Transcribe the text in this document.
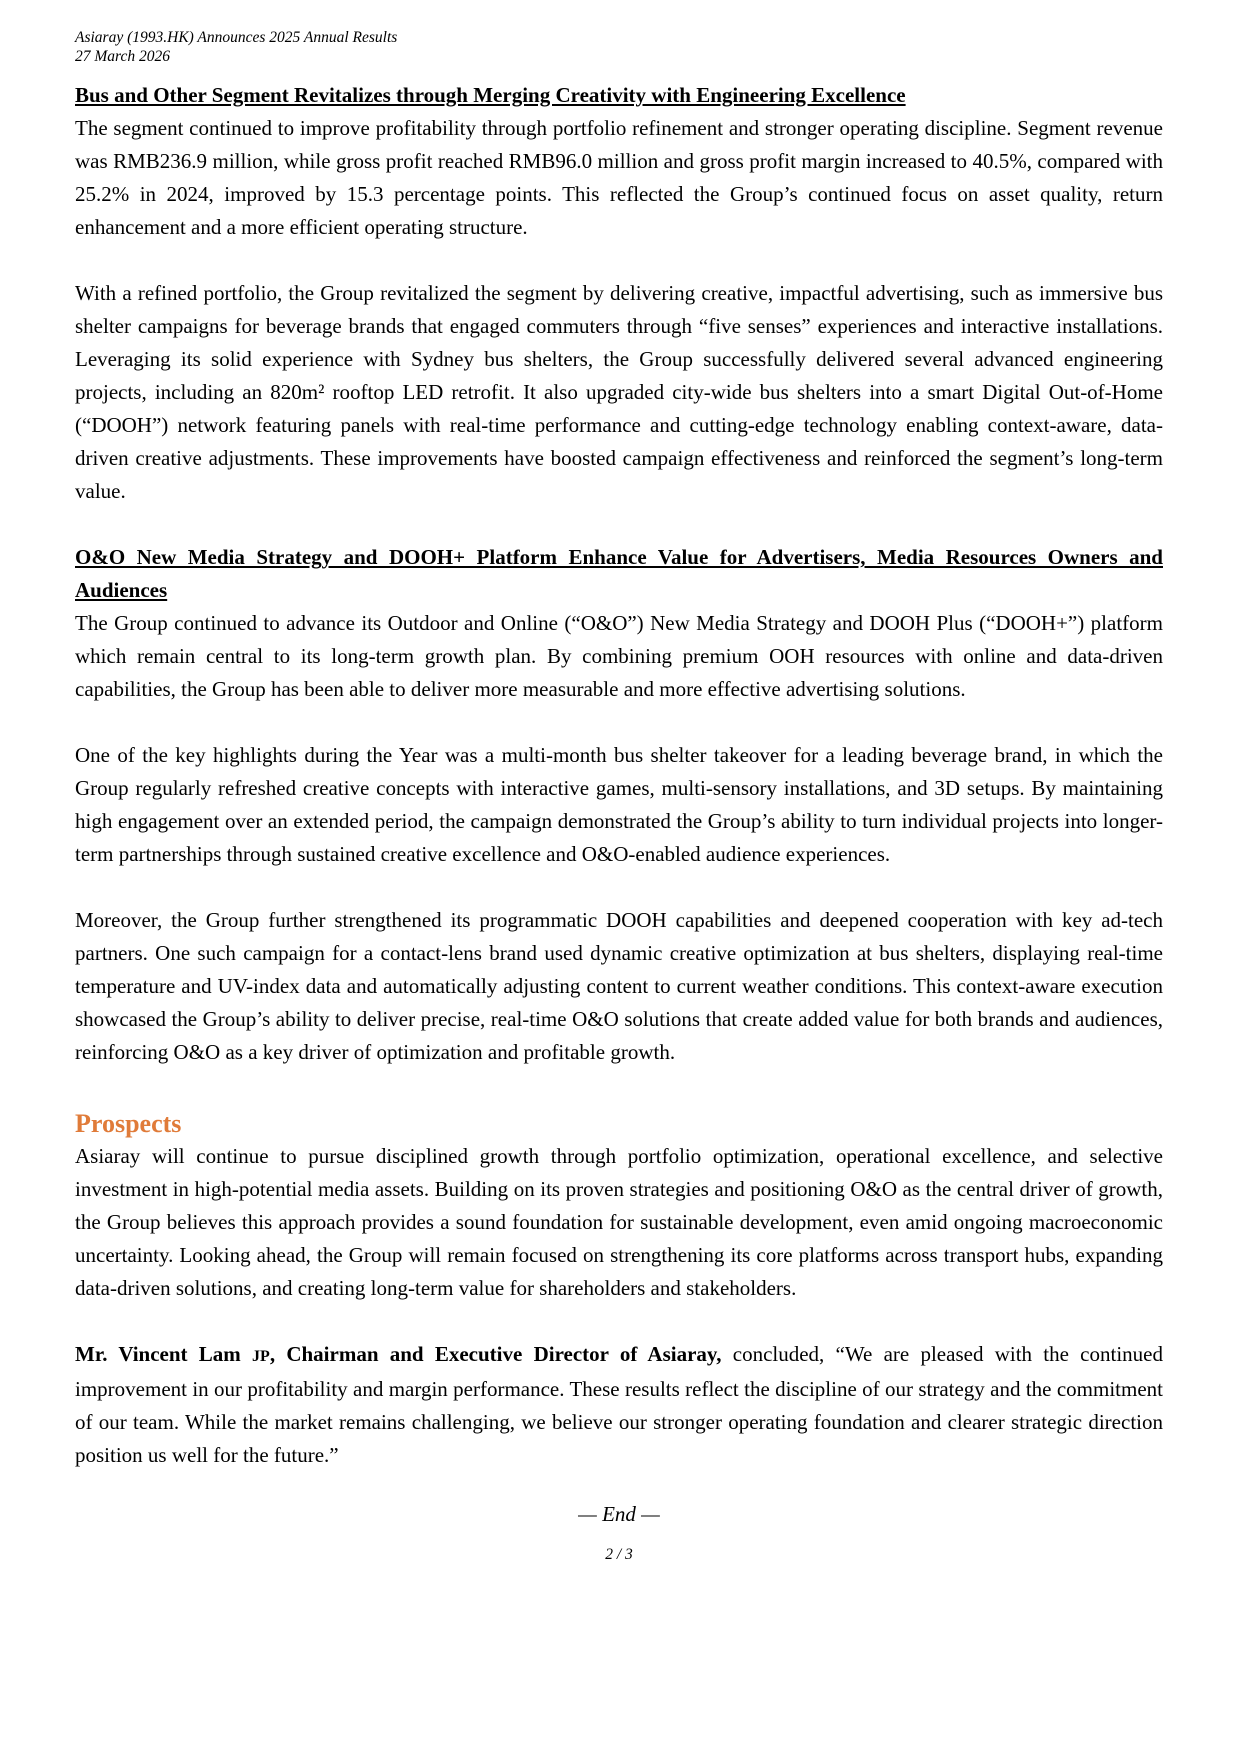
Asiaray (1993.HK) Announces 2025 Annual Results
27 March 2026
Bus and Other Segment Revitalizes through Merging Creativity with Engineering Excellence

The segment continued to improve profitability through portfolio refinement and stronger operating discipline. Segment revenue was RMB236.9 million, while gross profit reached RMB96.0 million and gross profit margin increased to 40.5%, compared with 25.2% in 2024, improved by 15.3 percentage points. This reflected the Group’s continued focus on asset quality, return enhancement and a more efficient operating structure.

With a refined portfolio, the Group revitalized the segment by delivering creative, impactful advertising, such as immersive bus shelter campaigns for beverage brands that engaged commuters through “five senses” experiences and interactive installations. Leveraging its solid experience with Sydney bus shelters, the Group successfully delivered several advanced engineering projects, including an 820m² rooftop LED retrofit. It also upgraded city-wide bus shelters into a smart Digital Out-of-Home (“DOOH”) network featuring panels with real-time performance and cutting-edge technology enabling context-aware, data-driven creative adjustments. These improvements have boosted campaign effectiveness and reinforced the segment’s long-term value.

O&O New Media Strategy and DOOH+ Platform Enhance Value for Advertisers, Media Resources Owners and Audiences

The Group continued to advance its Outdoor and Online (“O&O”) New Media Strategy and DOOH Plus (“DOOH+”) platform which remain central to its long-term growth plan. By combining premium OOH resources with online and data-driven capabilities, the Group has been able to deliver more measurable and more effective advertising solutions.

One of the key highlights during the Year was a multi-month bus shelter takeover for a leading beverage brand, in which the Group regularly refreshed creative concepts with interactive games, multi-sensory installations, and 3D setups. By maintaining high engagement over an extended period, the campaign demonstrated the Group’s ability to turn individual projects into longer-term partnerships through sustained creative excellence and O&O-enabled audience experiences.

Moreover, the Group further strengthened its programmatic DOOH capabilities and deepened cooperation with key ad-tech partners. One such campaign for a contact-lens brand used dynamic creative optimization at bus shelters, displaying real-time temperature and UV-index data and automatically adjusting content to current weather conditions. This context-aware execution showcased the Group’s ability to deliver precise, real-time O&O solutions that create added value for both brands and audiences, reinforcing O&O as a key driver of optimization and profitable growth.

Prospects

Asiaray will continue to pursue disciplined growth through portfolio optimization, operational excellence, and selective investment in high-potential media assets. Building on its proven strategies and positioning O&O as the central driver of growth, the Group believes this approach provides a sound foundation for sustainable development, even amid ongoing macroeconomic uncertainty. Looking ahead, the Group will remain focused on strengthening its core platforms across transport hubs, expanding data-driven solutions, and creating long-term value for shareholders and stakeholders.

Mr. Vincent Lam JP, Chairman and Executive Director of Asiaray, concluded, “We are pleased with the continued improvement in our profitability and margin performance. These results reflect the discipline of our strategy and the commitment of our team. While the market remains challenging, we believe our stronger operating foundation and clearer strategic direction position us well for the future.”

— End —
2 / 3
